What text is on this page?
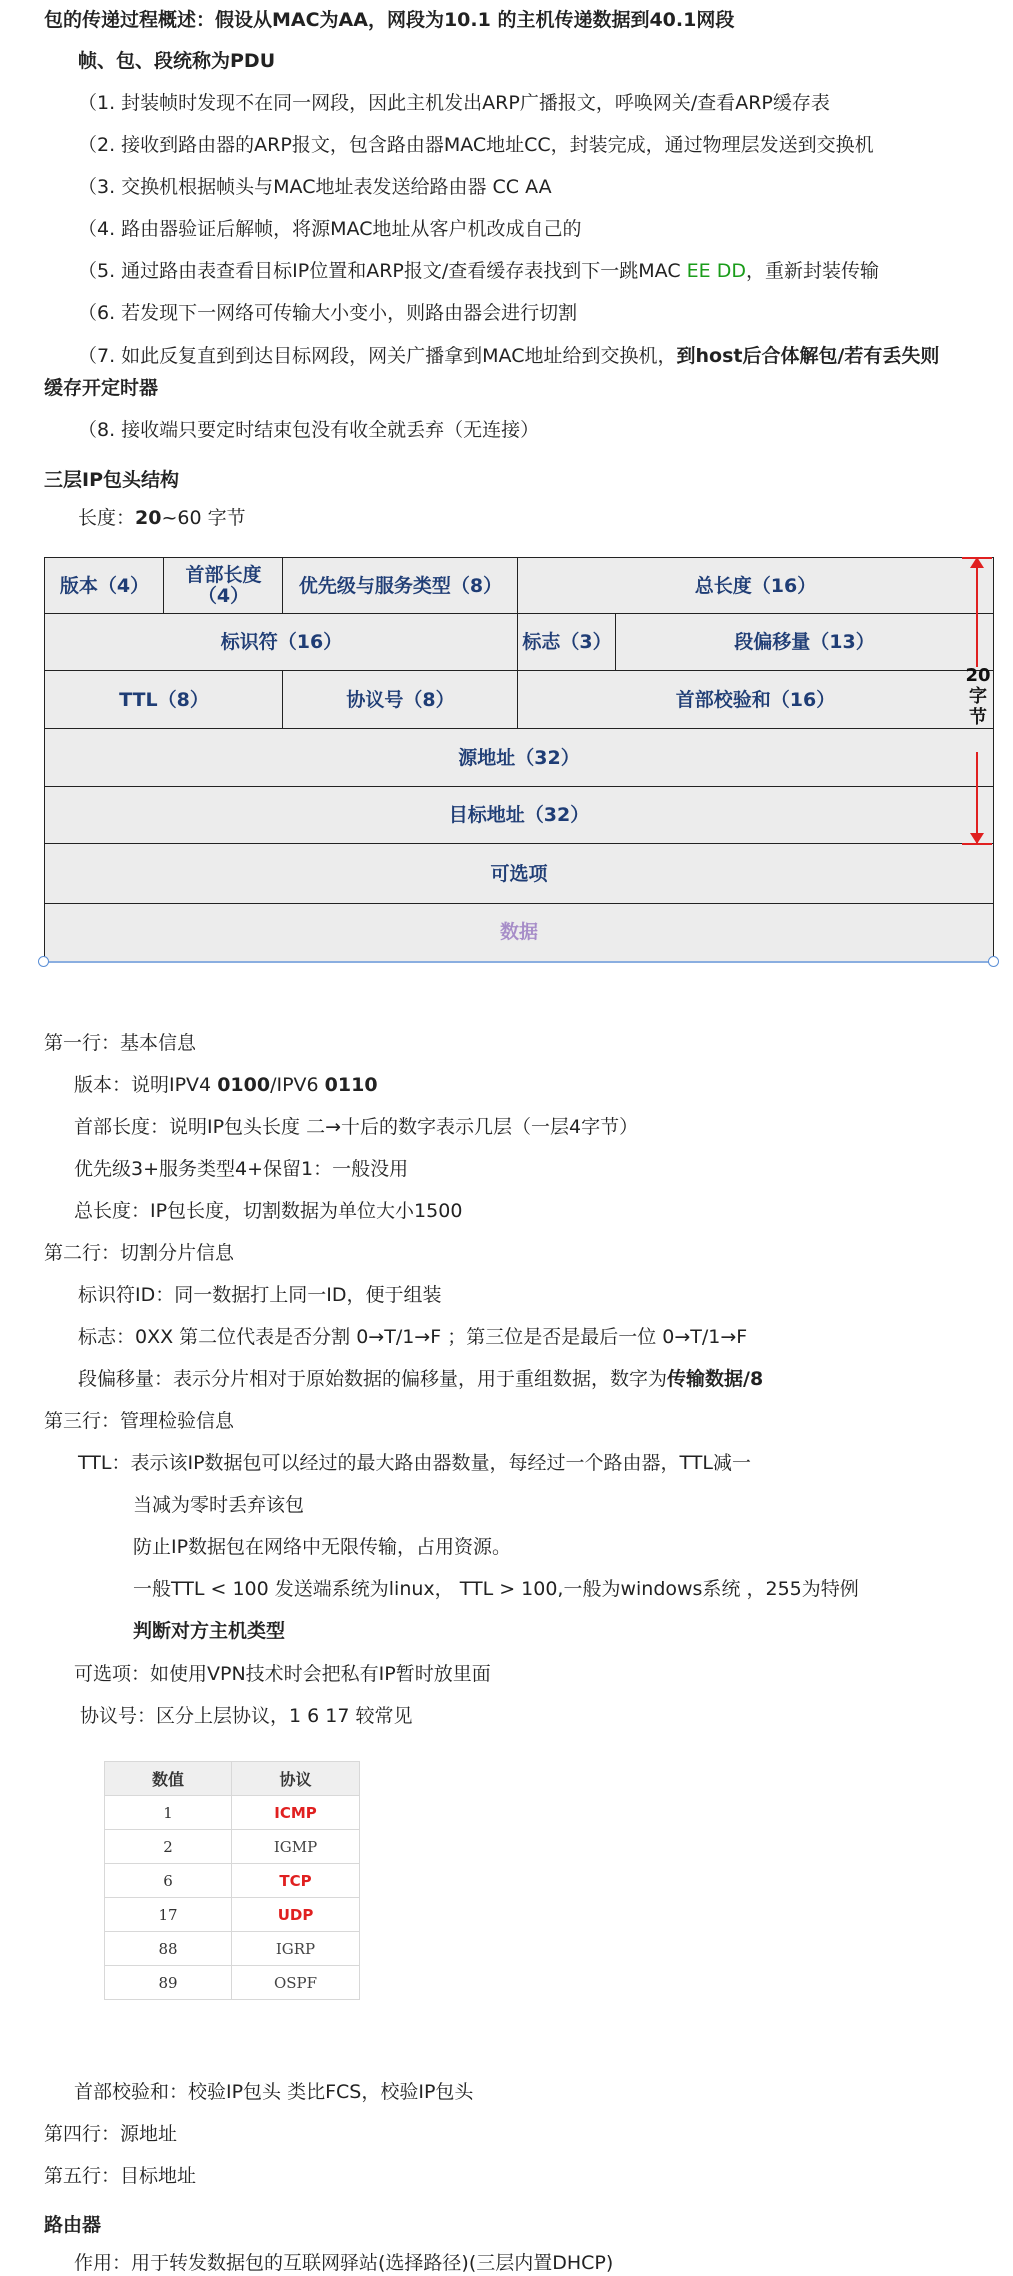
包的传递过程概述：假设从MAC为AA，网段为10.1 的主机传递数据到40.1网段
帧、包、段统称为PDU
（1. 封装帧时发现不在同一网段，因此主机发出ARP广播报文，呼唤网关/查看ARP缓存表
（2. 接收到路由器的ARP报文，包含路由器MAC地址CC，封装完成，通过物理层发送到交换机
（3. 交换机根据帧头与MAC地址表发送给路由器 CC AA
（4. 路由器验证后解帧，将源MAC地址从客户机改成自己的
（5. 通过路由表查看目标IP位置和ARP报文/查看缓存表找到下一跳MAC EE DD，重新封装传输
（6. 若发现下一网络可传输大小变小，则路由器会进行切割
（7. 如此反复直到到达目标网段，网关广播拿到MAC地址给到交换机，到host后合体解包/若有丢失则
缓存开定时器
（8. 接收端只要定时结束包没有收全就丢弃（无连接）
三层IP包头结构
长度：20~60 字节
版本（4）	首部长度（4）	优先级与服务类型（8）	总长度（16）
标识符（16）	标志（3）	段偏移量（13）
TTL（8）	协议号（8）	首部校验和（16）
源地址（32）
目标地址（32）
可选项
数据
20
字
节
第一行：基本信息
版本：说明IPV4 0100/IPV6 0110
首部长度：说明IP包头长度 二→十后的数字表示几层（一层4字节）
优先级3+服务类型4+保留1：一般没用
总长度：IP包长度，切割数据为单位大小1500
第二行：切割分片信息
标识符ID：同一数据打上同一ID，便于组装
标志：0XX 第二位代表是否分割 0→T/1→F ；第三位是否是最后一位 0→T/1→F
段偏移量：表示分片相对于原始数据的偏移量，用于重组数据，数字为传输数据/8
第三行：管理检验信息
TTL：表示该IP数据包可以经过的最大路由器数量，每经过一个路由器，TTL减一
当减为零时丢弃该包
防止IP数据包在网络中无限传输，占用资源。
一般TTL < 100 发送端系统为linux， TTL > 100,一般为windows系统 ，255为特例
判断对方主机类型
可选项：如使用VPN技术时会把私有IP暂时放里面
协议号：区分上层协议，1 6 17 较常见
数值	协议
1	ICMP
2	IGMP
6	TCP
17	UDP
88	IGRP
89	OSPF
首部校验和：校验IP包头 类比FCS，校验IP包头
第四行：源地址
第五行：目标地址
路由器
作用：用于转发数据包的互联网驿站(选择路径)(三层内置DHCP)
